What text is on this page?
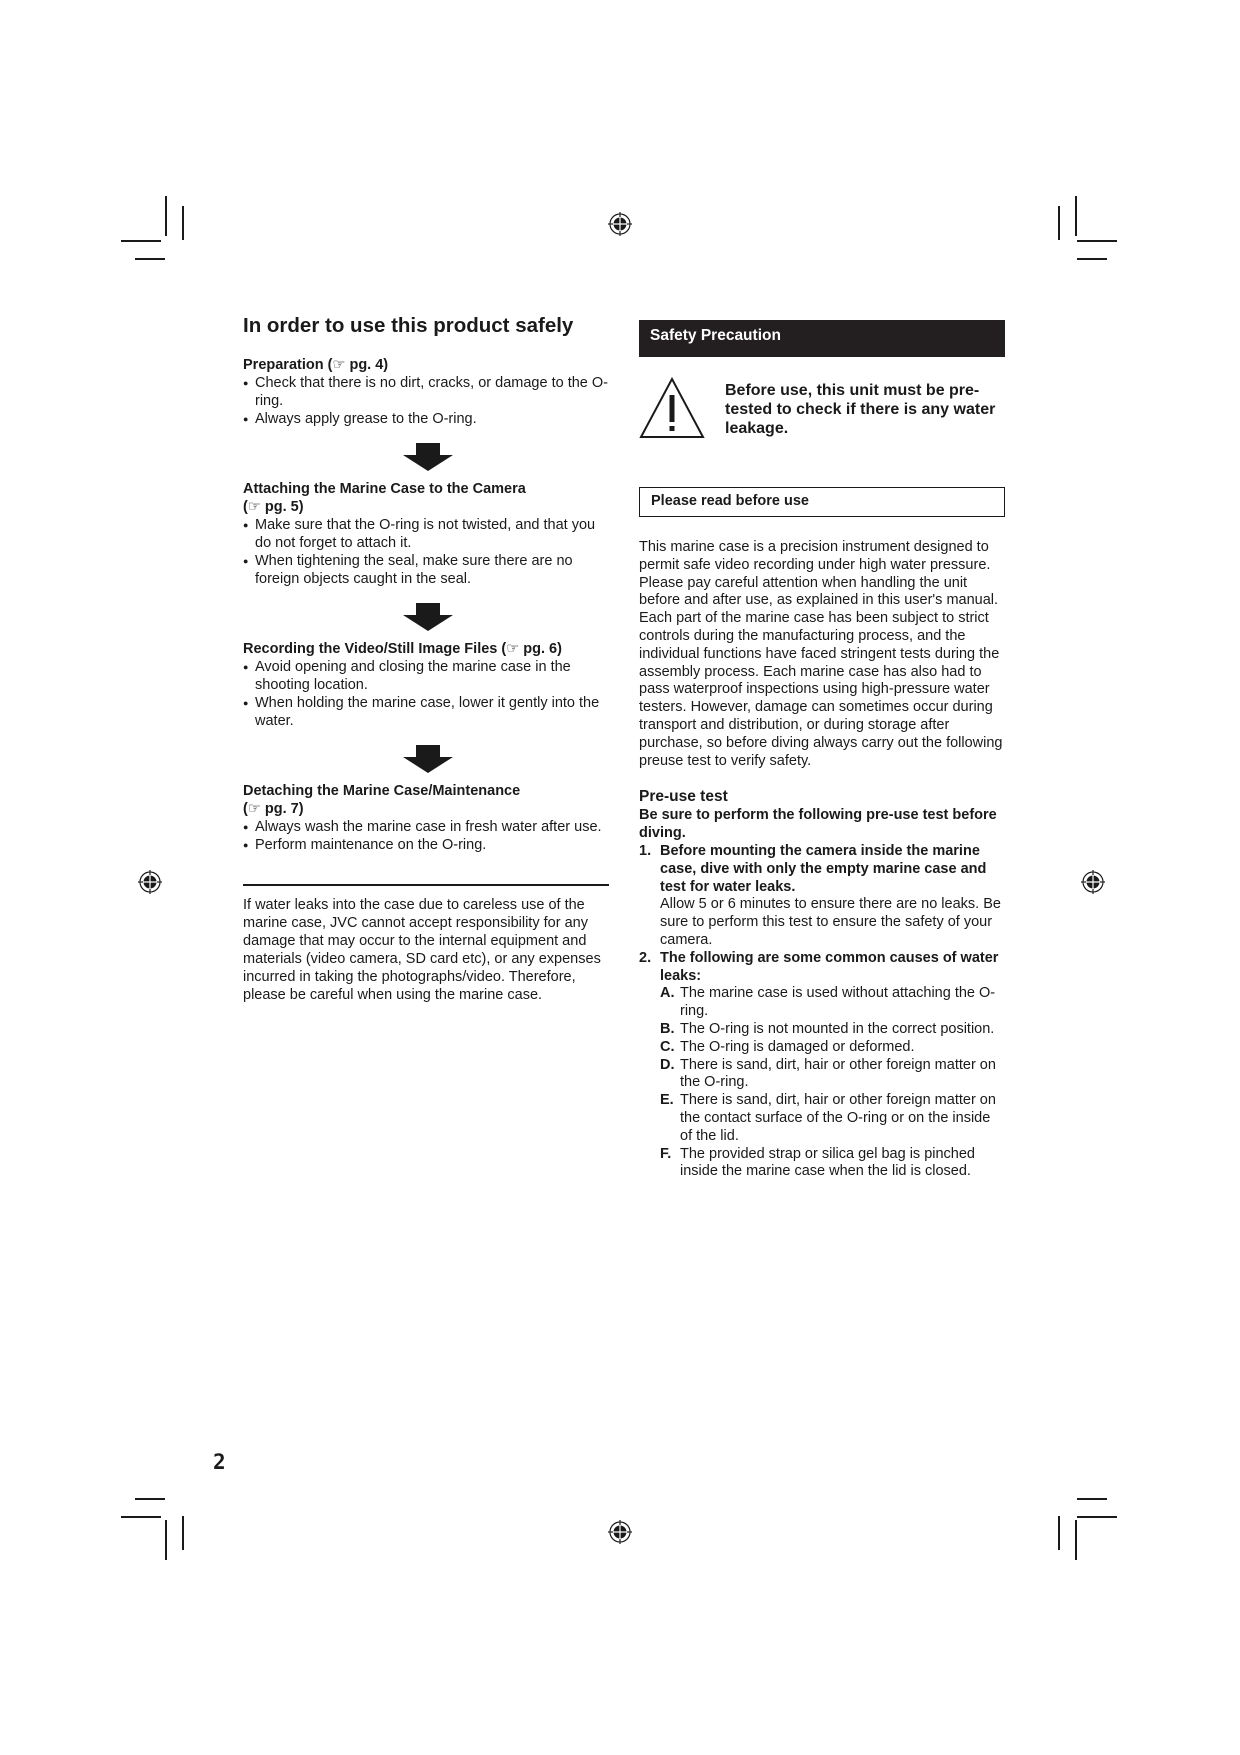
In order to use this product safely

Preparation (☞ pg. 4)

● Check that there is no dirt, cracks, or damage to the O-ring.
● Always apply grease to the O-ring.

Attaching the Marine Case to the Camera

(☞ pg. 5)

● Make sure that the O-ring is not twisted, and that you do not forget to attach it.
● When tightening the seal, make sure there are no foreign objects caught in the seal.

Recording the Video/Still Image Files (☞ pg. 6)

● Avoid opening and closing the marine case in the shooting location.
● When holding the marine case, lower it gently into the water.

Detaching the Marine Case/Maintenance

(☞ pg. 7)

● Always wash the marine case in fresh water after use.
● Perform maintenance on the O-ring.

If water leaks into the case due to careless use of the marine case, JVC cannot accept responsibility for any damage that may occur to the internal equipment and materials (video camera, SD card etc), or any expenses incurred in taking the photographs/video. Therefore, please be careful when using the marine case.

Safety Precaution
Before use, this unit must be pre-tested to check if there is any water leakage.
Please read before use

This marine case is a precision instrument designed to permit safe video recording under high water pressure. Please pay careful attention when handling the unit before and after use, as explained in this user's manual.
Each part of the marine case has been subject to strict controls during the manufacturing process, and the individual functions have faced stringent tests during the assembly process. Each marine case has also had to pass waterproof inspections using high-pressure water testers. However, damage can sometimes occur during transport and distribution, or during storage after purchase, so before diving always carry out the following preuse test to verify safety.

Pre-use test
Be sure to perform the following pre-use test before diving.
1. Before mounting the camera inside the marine case, dive with only the empty marine case and test for water leaks.
Allow 5 or 6 minutes to ensure there are no leaks. Be sure to perform this test to ensure the safety of your camera.
2. The following are some common causes of water leaks:
A. The marine case is used without attaching the O-ring.
B. The O-ring is not mounted in the correct position.
C. The O-ring is damaged or deformed.
D. There is sand, dirt, hair or other foreign matter on the O-ring.
E. There is sand, dirt, hair or other foreign matter on the contact surface of the O-ring or on the inside of the lid.
F. The provided strap or silica gel bag is pinched inside the marine case when the lid is closed.
2
